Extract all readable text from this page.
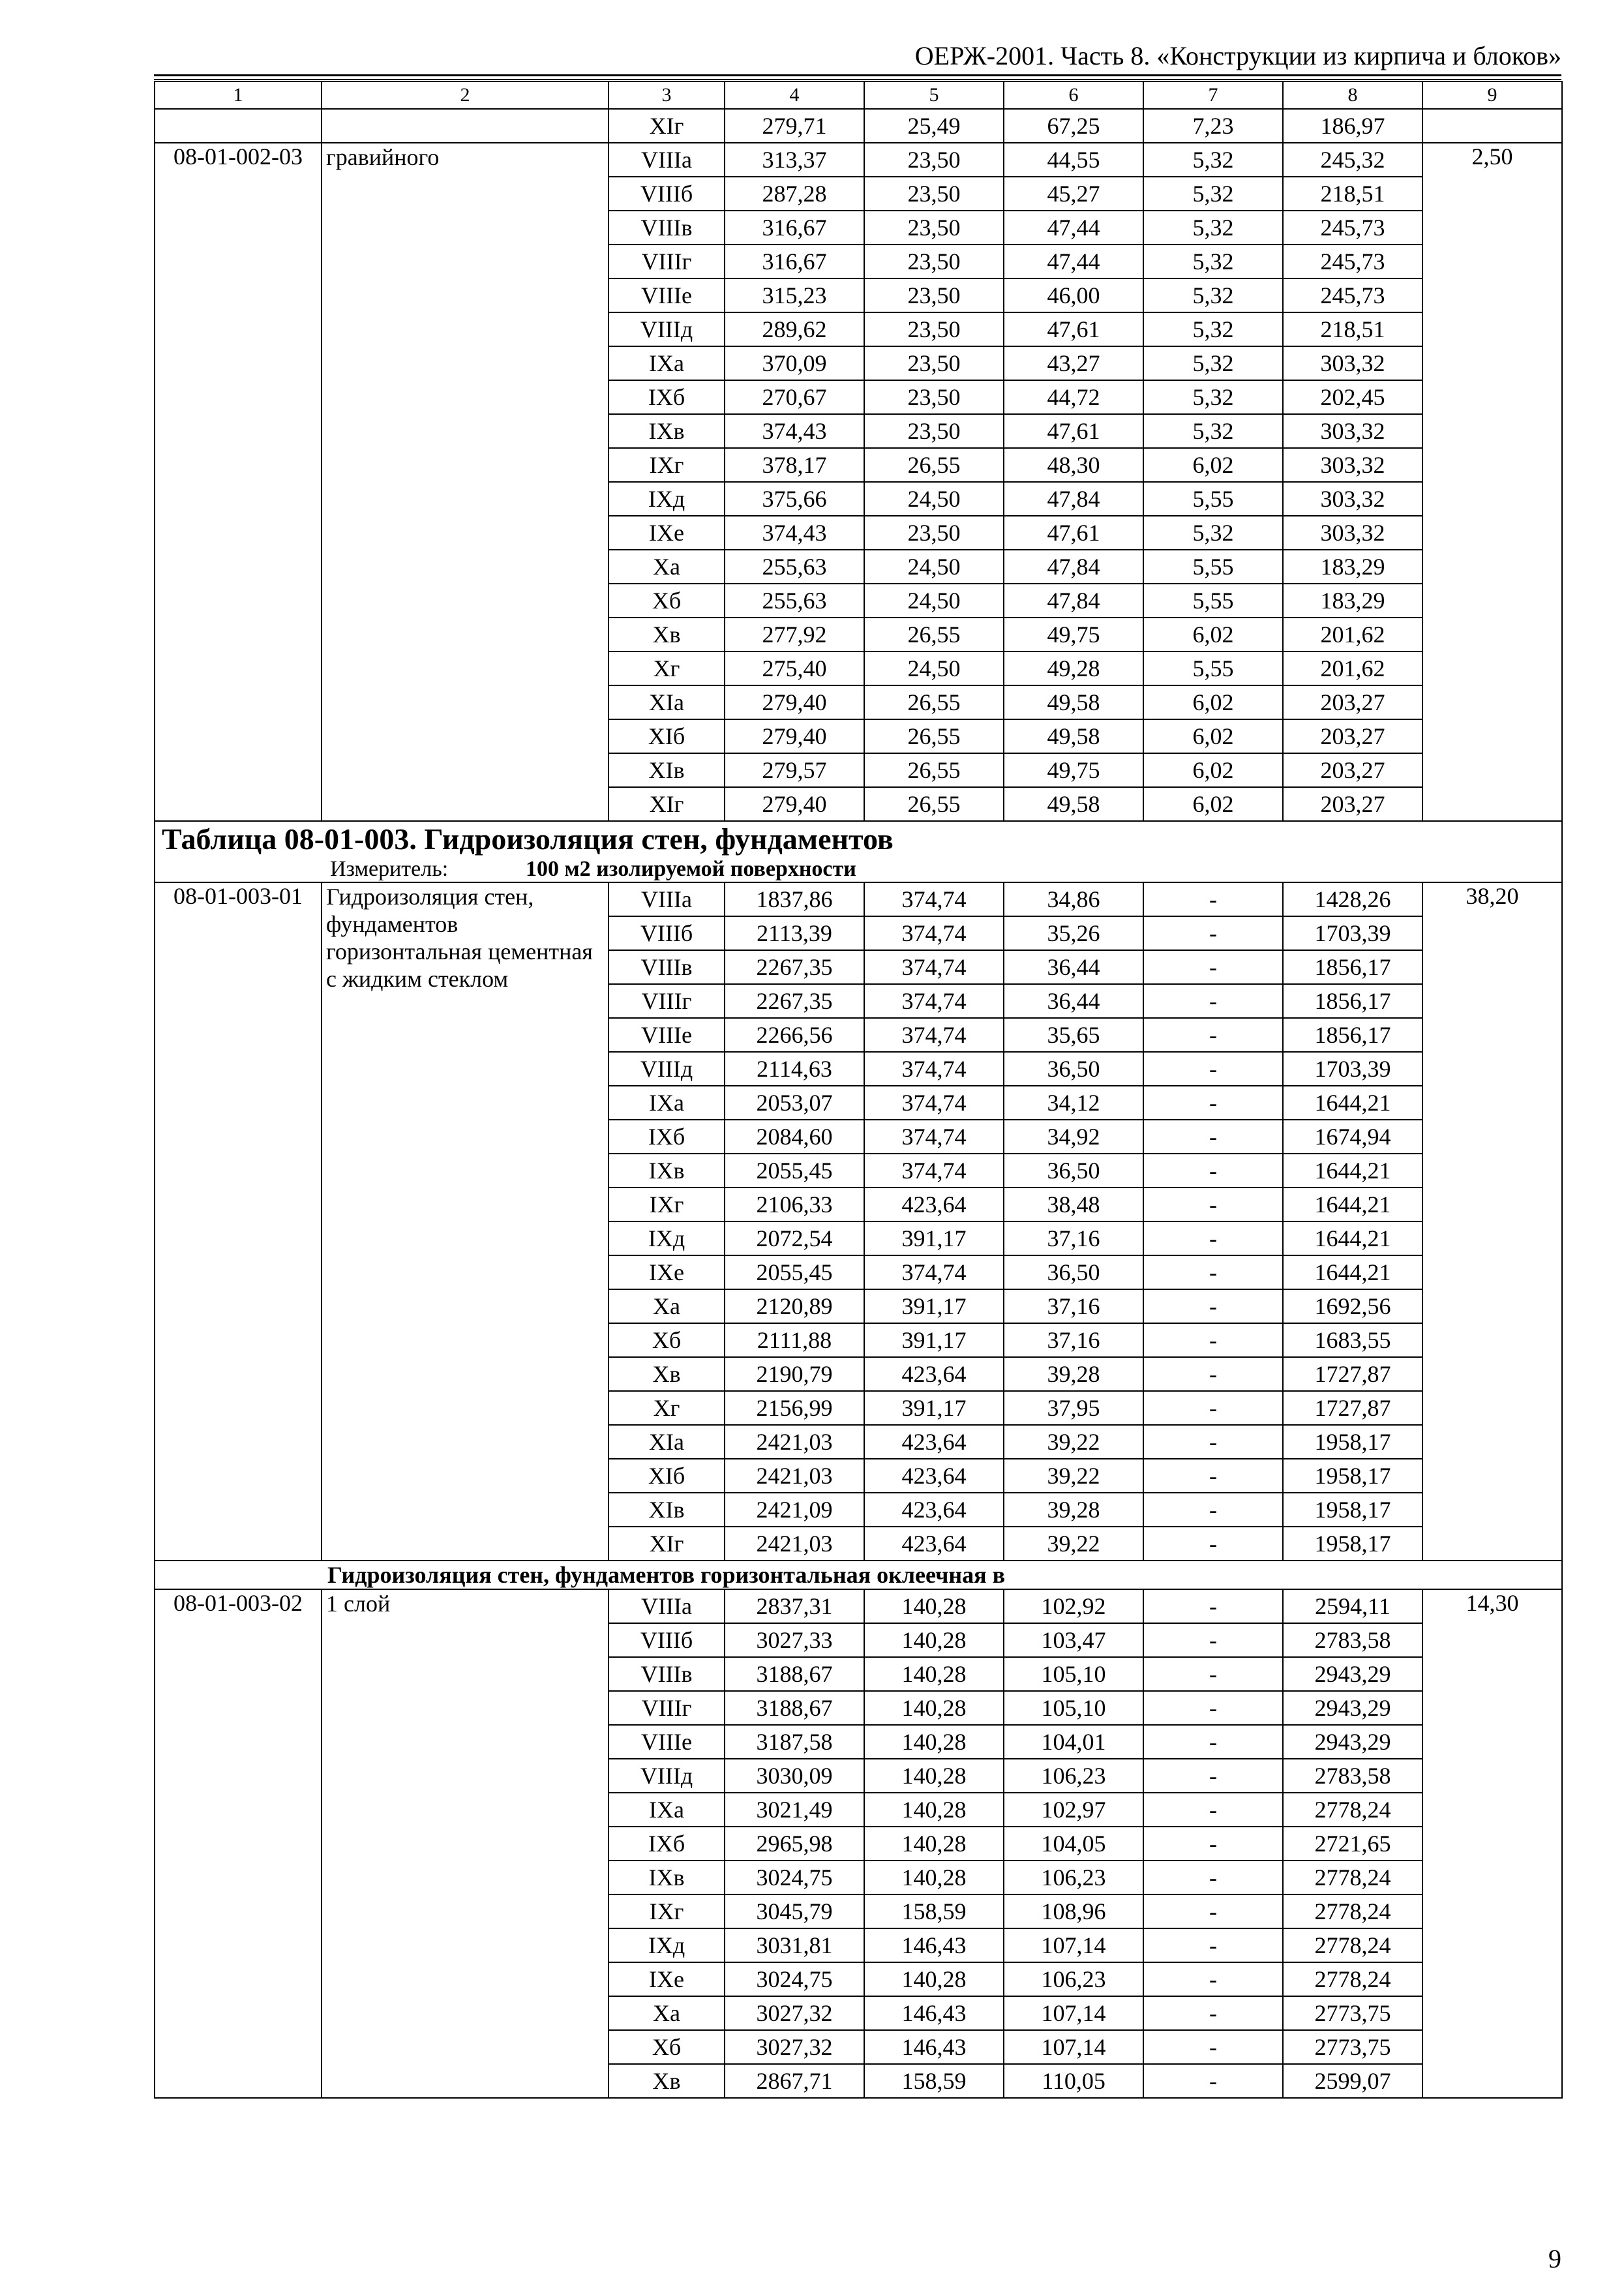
ОЕРЖ-2001. Часть 8. «Конструкции из кирпича и блоков»
1	2	3	4	5	6	7	8	9
		XIг	279,71	25,49	67,25	7,23	186,97	
08-01-002-03	гравийного	VIIIа	313,37	23,50	44,55	5,32	245,32	2,50
		VIIIб	287,28	23,50	45,27	5,32	218,51	
		VIIIв	316,67	23,50	47,44	5,32	245,73	
		VIIIг	316,67	23,50	47,44	5,32	245,73	
		VIIIе	315,23	23,50	46,00	5,32	245,73	
		VIIIд	289,62	23,50	47,61	5,32	218,51	
		IXа	370,09	23,50	43,27	5,32	303,32	
		IXб	270,67	23,50	44,72	5,32	202,45	
		IXв	374,43	23,50	47,61	5,32	303,32	
		IXг	378,17	26,55	48,30	6,02	303,32	
		IXд	375,66	24,50	47,84	5,55	303,32	
		IXе	374,43	23,50	47,61	5,32	303,32	
		Xа	255,63	24,50	47,84	5,55	183,29	
		Xб	255,63	24,50	47,84	5,55	183,29	
		Xв	277,92	26,55	49,75	6,02	201,62	
		Xг	275,40	24,50	49,28	5,55	201,62	
		XIа	279,40	26,55	49,58	6,02	203,27	
		XIб	279,40	26,55	49,58	6,02	203,27	
		XIв	279,57	26,55	49,75	6,02	203,27	
		XIг	279,40	26,55	49,58	6,02	203,27	
Таблица 08-01-003. Гидроизоляция стен, фундаментов								
Измеритель: 100 м2 изолируемой поверхности								
08-01-003-01	Гидроизоляция стен, фундаментов горизонтальная цементная с жидким стеклом	VIIIа	1837,86	374,74	34,86	-	1428,26	38,20
		VIIIб	2113,39	374,74	35,26	-	1703,39	
		VIIIв	2267,35	374,74	36,44	-	1856,17	
		VIIIг	2267,35	374,74	36,44	-	1856,17	
		VIIIе	2266,56	374,74	35,65	-	1856,17	
		VIIIд	2114,63	374,74	36,50	-	1703,39	
		IXа	2053,07	374,74	34,12	-	1644,21	
		IXб	2084,60	374,74	34,92	-	1674,94	
		IXв	2055,45	374,74	36,50	-	1644,21	
		IXг	2106,33	423,64	38,48	-	1644,21	
		IXд	2072,54	391,17	37,16	-	1644,21	
		IXе	2055,45	374,74	36,50	-	1644,21	
		Xа	2120,89	391,17	37,16	-	1692,56	
		Xб	2111,88	391,17	37,16	-	1683,55	
		Xв	2190,79	423,64	39,28	-	1727,87	
		Xг	2156,99	391,17	37,95	-	1727,87	
		XIа	2421,03	423,64	39,22	-	1958,17	
		XIб	2421,03	423,64	39,22	-	1958,17	
		XIв	2421,09	423,64	39,28	-	1958,17	
		XIг	2421,03	423,64	39,22	-	1958,17	
Гидроизоляция стен, фундаментов горизонтальная оклеечная в								
08-01-003-02	1 слой	VIIIа	2837,31	140,28	102,92	-	2594,11	14,30
		VIIIб	3027,33	140,28	103,47	-	2783,58	
		VIIIв	3188,67	140,28	105,10	-	2943,29	
		VIIIг	3188,67	140,28	105,10	-	2943,29	
		VIIIе	3187,58	140,28	104,01	-	2943,29	
		VIIIд	3030,09	140,28	106,23	-	2783,58	
		IXа	3021,49	140,28	102,97	-	2778,24	
		IXб	2965,98	140,28	104,05	-	2721,65	
		IXв	3024,75	140,28	106,23	-	2778,24	
		IXг	3045,79	158,59	108,96	-	2778,24	
		IXд	3031,81	146,43	107,14	-	2778,24	
		IXе	3024,75	140,28	106,23	-	2778,24	
		Xа	3027,32	146,43	107,14	-	2773,75	
		Xб	3027,32	146,43	107,14	-	2773,75	
		Xв	2867,71	158,59	110,05	-	2599,07	
9
